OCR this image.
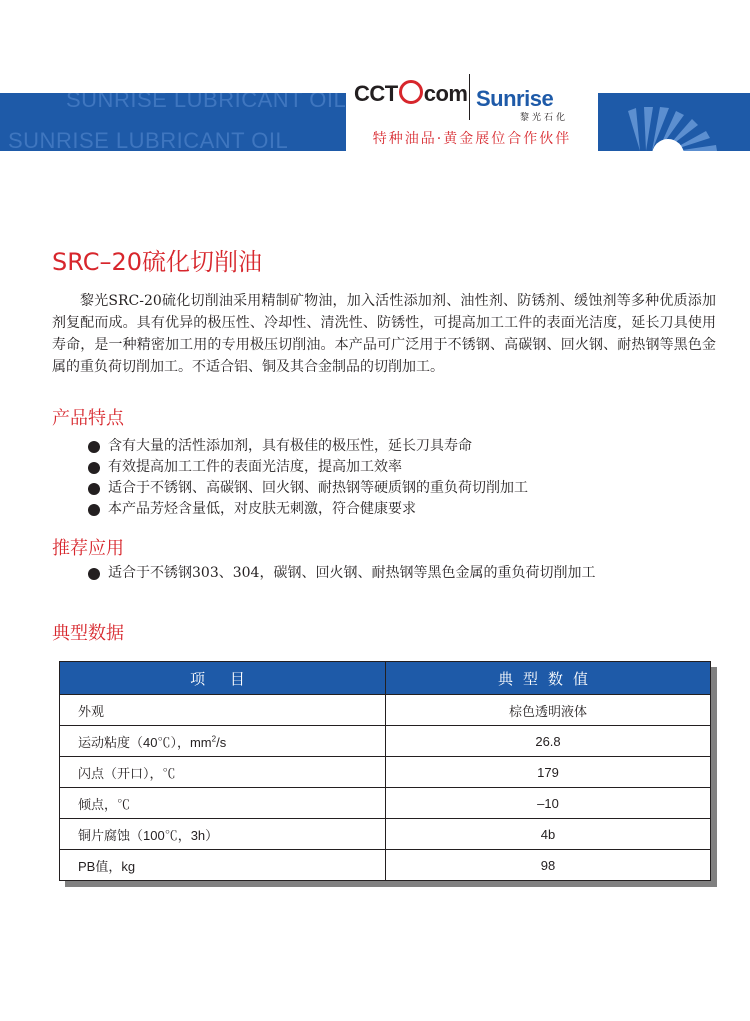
SUNRISE LUBRICANT OIL
SUNRISE LUBRICANT OIL
CCT com Sunrise
黎光石化
特种油品·黄金展位合作伙伴
SRC–20硫化切削油
黎光SRC-20硫化切削油采用精制矿物油，加入活性添加剂、油性剂、防锈剂、缓蚀剂等多种优质添加剂复配而成。具有优异的极压性、冷却性、清洗性、防锈性，可提高加工工件的表面光洁度，延长刀具使用寿命，是一种精密加工用的专用极压切削油。本产品可广泛用于不锈钢、高碳钢、回火钢、耐热钢等黑色金属的重负荷切削加工。不适合铝、铜及其合金制品的切削加工。
产品特点
含有大量的活性添加剂，具有极佳的极压性，延长刀具寿命
有效提高加工工件的表面光洁度，提高加工效率
适合于不锈钢、高碳钢、回火钢、耐热钢等硬质钢的重负荷切削加工
本产品芳烃含量低，对皮肤无刺激，符合健康要求
推荐应用
适合于不锈钢303、304，碳钢、回火钢、耐热钢等黑色金属的重负荷切削加工
典型数据
项 目	典型数值
外观	棕色透明液体
运动粘度（40℃），$mm^2/s$	26.8
闪点（开口），℃	179
倾点，℃	–10
铜片腐蚀（100℃，3h）	4b
PB值，kg	98
